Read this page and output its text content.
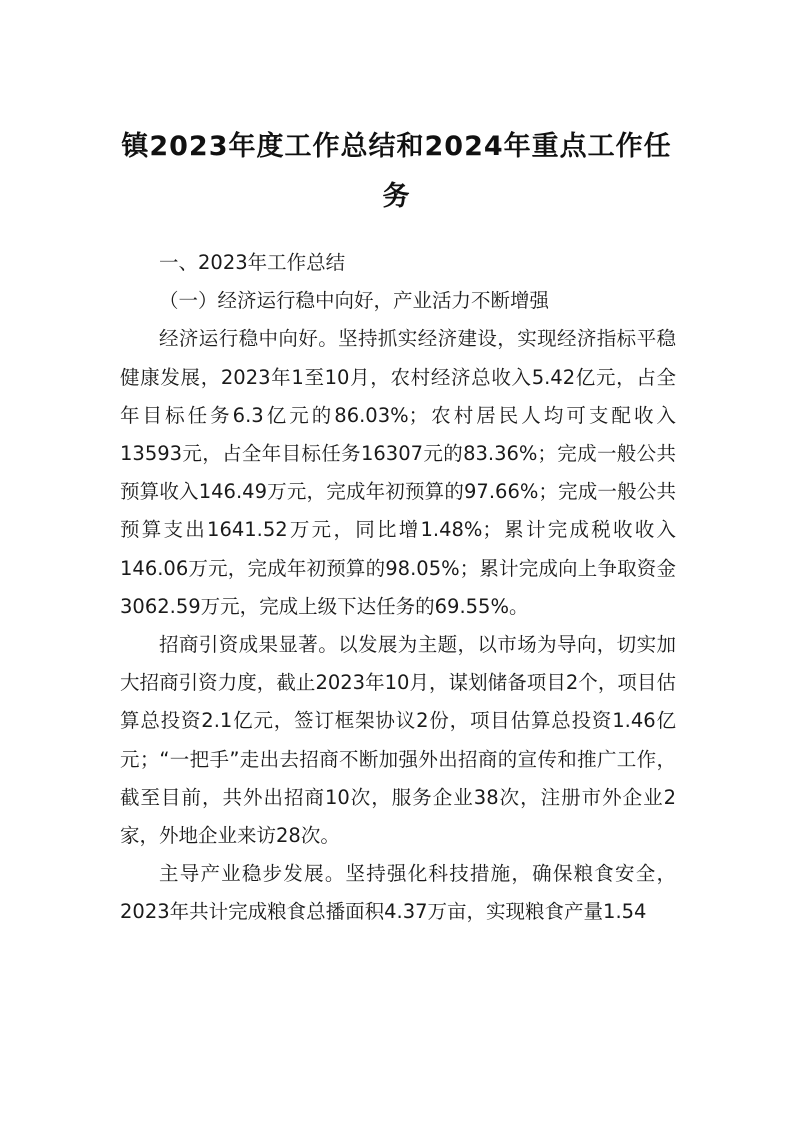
镇2023年度工作总结和2024年重点工作任
务

一、2023年工作总结

（一）经济运行稳中向好，产业活力不断增强

经济运行稳中向好。坚持抓实经济建设，实现经济指标平稳健康发展，2023年1至10月，农村经济总收入5.42亿元，占全年目标任务6.3亿元的86.03%；农村居民人均可支配收入13593元，占全年目标任务16307元的83.36%；完成一般公共预算收入146.49万元，完成年初预算的97.66%；完成一般公共预算支出1641.52万元，同比增1.48%；累计完成税收收入146.06万元，完成年初预算的98.05%；累计完成向上争取资金3062.59万元，完成上级下达任务的69.55%。

招商引资成果显著。以发展为主题，以市场为导向，切实加大招商引资力度，截止2023年10月，谋划储备项目2个，项目估算总投资2.1亿元，签订框架协议2份，项目估算总投资1.46亿元；“一把手”走出去招商不断加强外出招商的宣传和推广工作，截至目前，共外出招商10次，服务企业38次，注册市外企业2家，外地企业来访28次。

主导产业稳步发展。坚持强化科技措施，确保粮食安全，2023年共计完成粮食总播面积4.37万亩，实现粮食产量1.54
